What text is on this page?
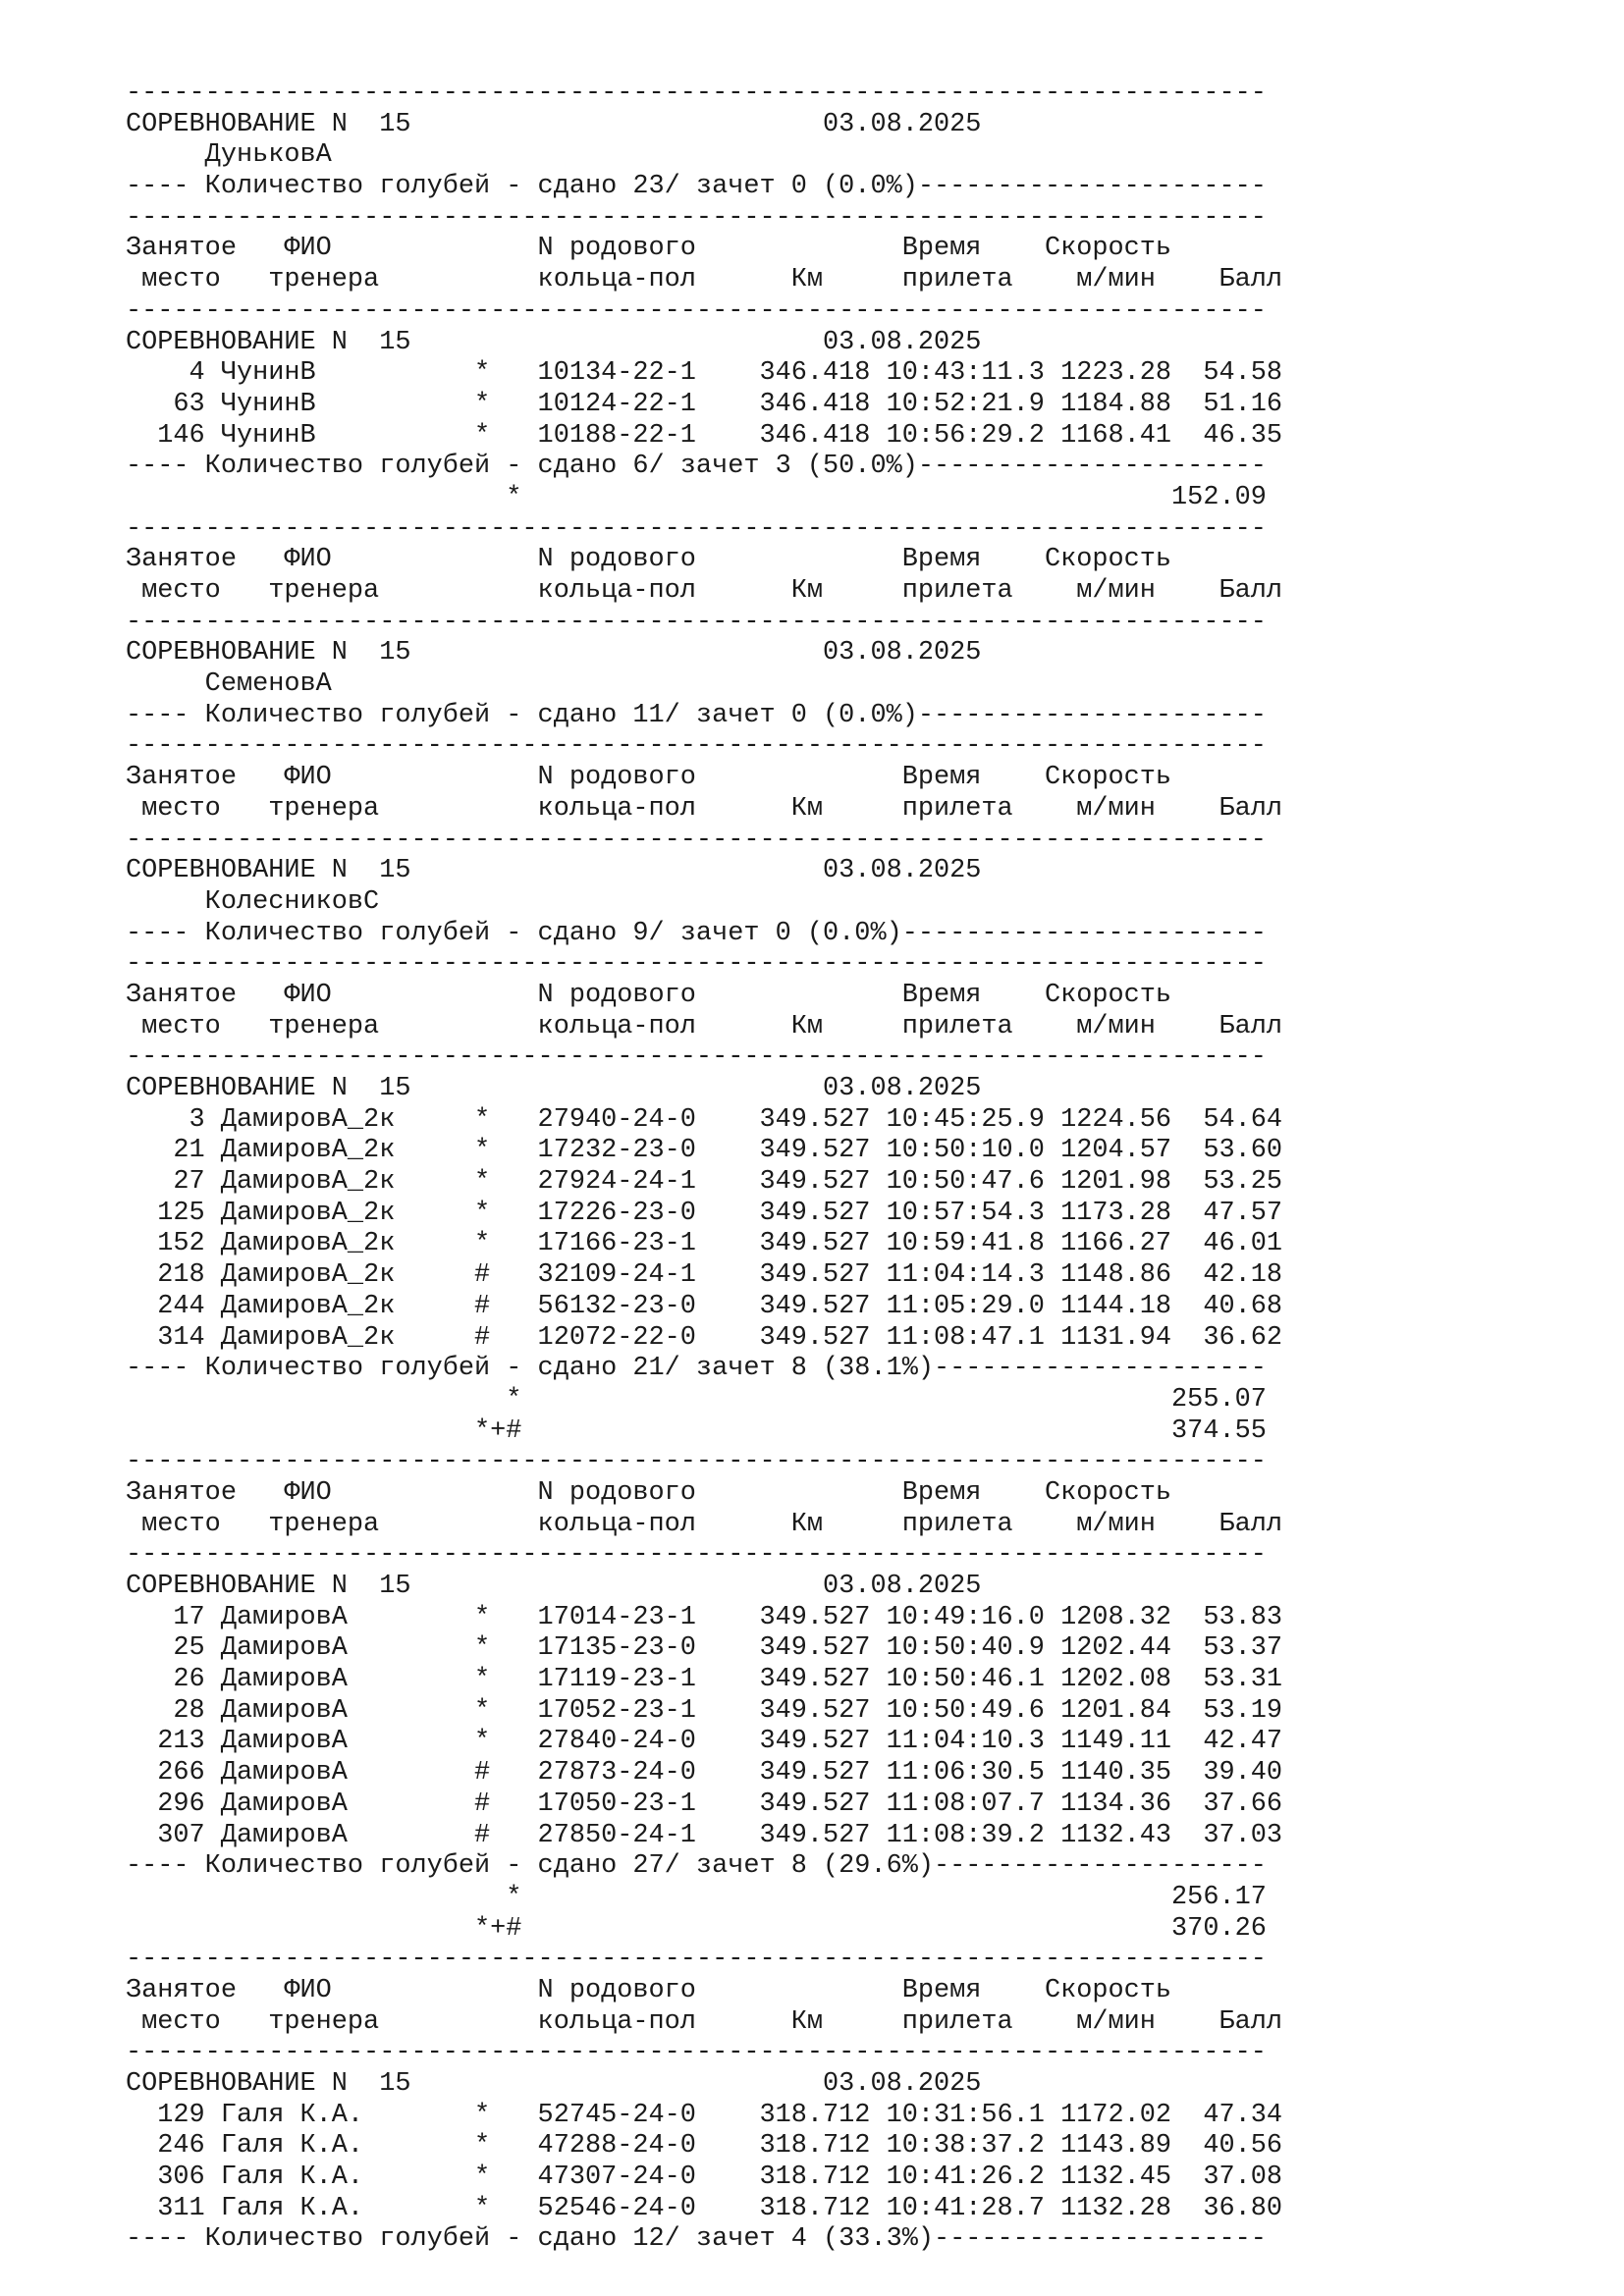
------------------------------------------------------------------------
СОРЕВНОВАНИЕ N  15                          03.08.2025
ДуньковА
---- Количество голубей - сдано 23/ зачет 0 (0.0%)----------------------
------------------------------------------------------------------------
Занятое   ФИО             N родового             Время    Скорость
место   тренера          кольца-пол      Км     прилета    м/мин    Балл
------------------------------------------------------------------------
СОРЕВНОВАНИЕ N  15                          03.08.2025
4 ЧунинВ          *   10134-22-1    346.418 10:43:11.3 1223.28  54.58
63 ЧунинВ          *   10124-22-1    346.418 10:52:21.9 1184.88  51.16
146 ЧунинВ          *   10188-22-1    346.418 10:56:29.2 1168.41  46.35
---- Количество голубей - сдано 6/ зачет 3 (50.0%)----------------------
*                                         152.09
------------------------------------------------------------------------
Занятое   ФИО             N родового             Время    Скорость
место   тренера          кольца-пол      Км     прилета    м/мин    Балл
------------------------------------------------------------------------
СОРЕВНОВАНИЕ N  15                          03.08.2025
СеменовА
---- Количество голубей - сдано 11/ зачет 0 (0.0%)----------------------
------------------------------------------------------------------------
Занятое   ФИО             N родового             Время    Скорость
место   тренера          кольца-пол      Км     прилета    м/мин    Балл
------------------------------------------------------------------------
СОРЕВНОВАНИЕ N  15                          03.08.2025
КолесниковС
---- Количество голубей - сдано 9/ зачет 0 (0.0%)-----------------------
------------------------------------------------------------------------
Занятое   ФИО             N родового             Время    Скорость
место   тренера          кольца-пол      Км     прилета    м/мин    Балл
------------------------------------------------------------------------
СОРЕВНОВАНИЕ N  15                          03.08.2025
3 ДамировА_2к     *   27940-24-0    349.527 10:45:25.9 1224.56  54.64
21 ДамировА_2к     *   17232-23-0    349.527 10:50:10.0 1204.57  53.60
27 ДамировА_2к     *   27924-24-1    349.527 10:50:47.6 1201.98  53.25
125 ДамировА_2к     *   17226-23-0    349.527 10:57:54.3 1173.28  47.57
152 ДамировА_2к     *   17166-23-1    349.527 10:59:41.8 1166.27  46.01
218 ДамировА_2к     #   32109-24-1    349.527 11:04:14.3 1148.86  42.18
244 ДамировА_2к     #   56132-23-0    349.527 11:05:29.0 1144.18  40.68
314 ДамировА_2к     #   12072-22-0    349.527 11:08:47.1 1131.94  36.62
---- Количество голубей - сдано 21/ зачет 8 (38.1%)---------------------
*                                         255.07
*+#                                         374.55
------------------------------------------------------------------------
Занятое   ФИО             N родового             Время    Скорость
место   тренера          кольца-пол      Км     прилета    м/мин    Балл
------------------------------------------------------------------------
СОРЕВНОВАНИЕ N  15                          03.08.2025
17 ДамировА        *   17014-23-1    349.527 10:49:16.0 1208.32  53.83
25 ДамировА        *   17135-23-0    349.527 10:50:40.9 1202.44  53.37
26 ДамировА        *   17119-23-1    349.527 10:50:46.1 1202.08  53.31
28 ДамировА        *   17052-23-1    349.527 10:50:49.6 1201.84  53.19
213 ДамировА        *   27840-24-0    349.527 11:04:10.3 1149.11  42.47
266 ДамировА        #   27873-24-0    349.527 11:06:30.5 1140.35  39.40
296 ДамировА        #   17050-23-1    349.527 11:08:07.7 1134.36  37.66
307 ДамировА        #   27850-24-1    349.527 11:08:39.2 1132.43  37.03
---- Количество голубей - сдано 27/ зачет 8 (29.6%)---------------------
*                                         256.17
*+#                                         370.26
------------------------------------------------------------------------
Занятое   ФИО             N родового             Время    Скорость
место   тренера          кольца-пол      Км     прилета    м/мин    Балл
------------------------------------------------------------------------
СОРЕВНОВАНИЕ N  15                          03.08.2025
129 Галя К.А.       *   52745-24-0    318.712 10:31:56.1 1172.02  47.34
246 Галя К.А.       *   47288-24-0    318.712 10:38:37.2 1143.89  40.56
306 Галя К.А.       *   47307-24-0    318.712 10:41:26.2 1132.45  37.08
311 Галя К.А.       *   52546-24-0    318.712 10:41:28.7 1132.28  36.80
---- Количество голубей - сдано 12/ зачет 4 (33.3%)---------------------
